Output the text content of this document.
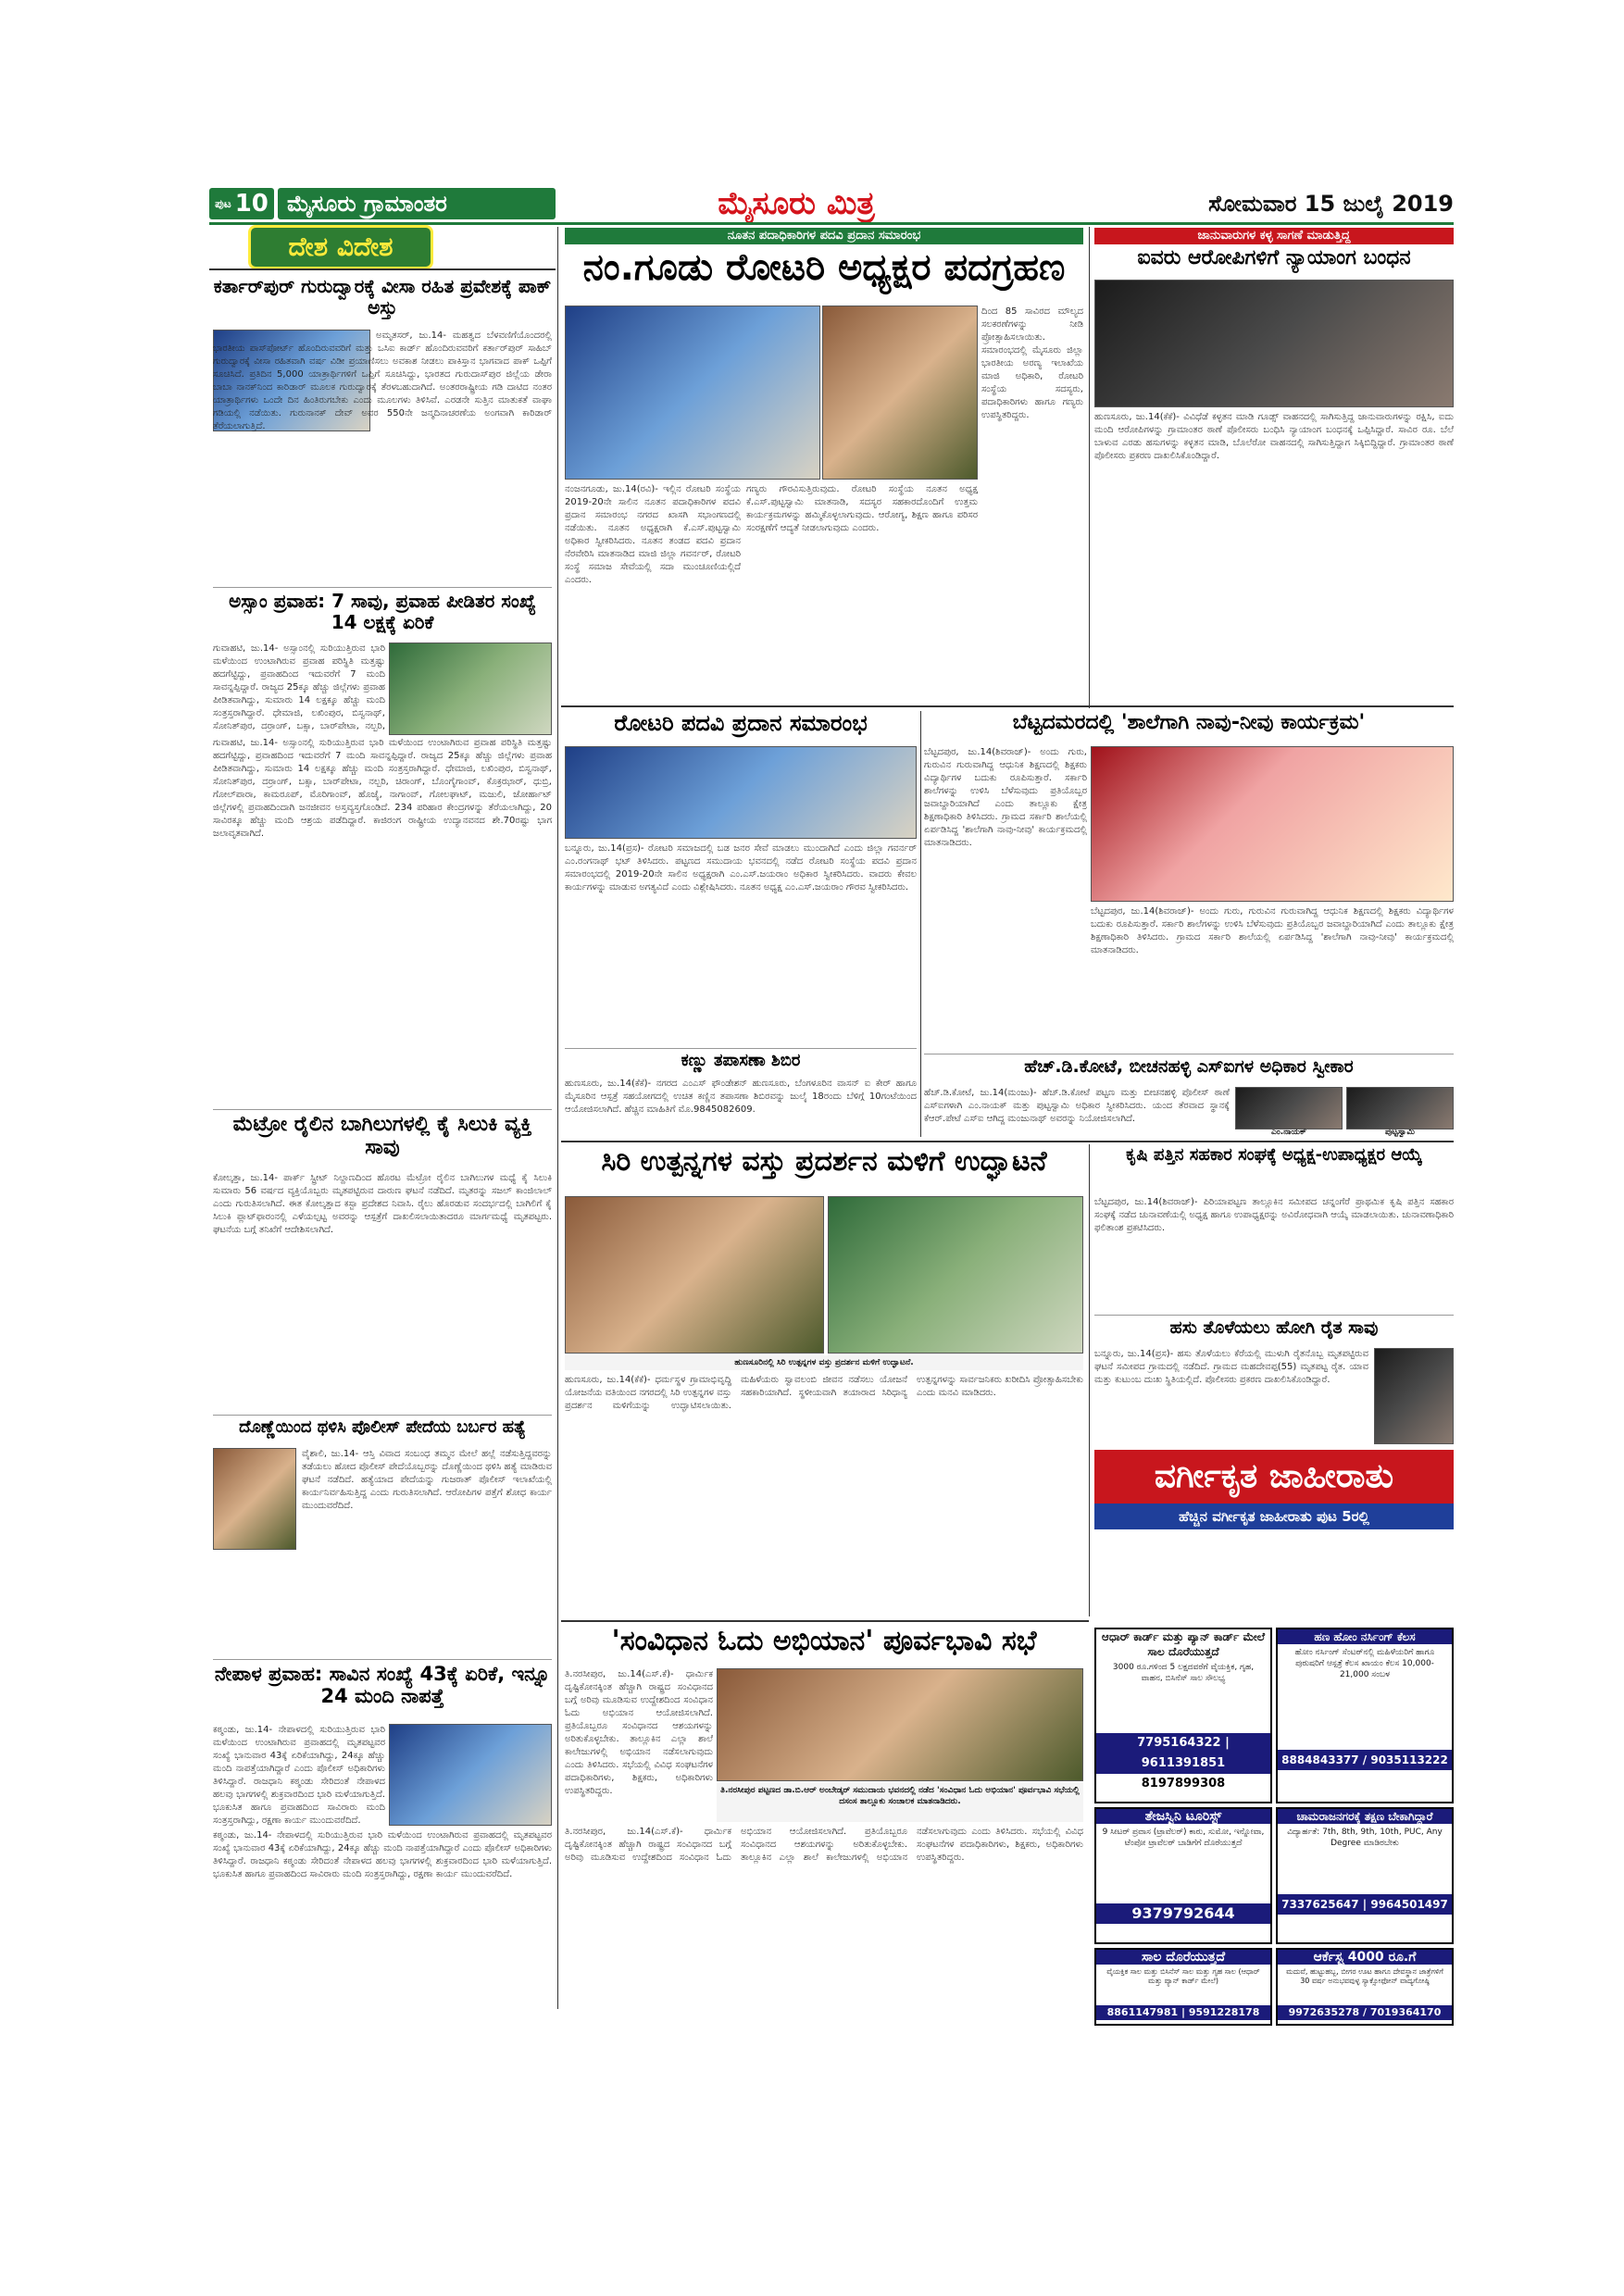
ಪುಟ 10 ಮೈಸೂರು ಗ್ರಾಮಾಂತರ	ಮೈಸೂರು ಮಿತ್ರ	ಸೋಮವಾರ 15 ಜುಲೈ 2019
ದೇಶ ವಿದೇಶ
ಕರ್ತಾರ್‌ಪುರ್ ಗುರುದ್ವಾರಕ್ಕೆ ವೀಸಾ ರಹಿತ ಪ್ರವೇಶಕ್ಕೆ ಪಾಕ್ ಅಸ್ತು
ಅಮೃತಸರ್, ಜು.14- ಮಹತ್ವದ ಬೆಳವಣಿಗೆಯೊಂದರಲ್ಲಿ ಭಾರತೀಯ ಪಾಸ್‌ಪೋರ್ಟ್ ಹೊಂದಿರುವವರಿಗೆ ಮತ್ತು ಒಸಿಐ ಕಾರ್ಡ್ ಹೊಂದಿರುವವರಿಗೆ ಕರ್ತಾರ್‌ಪುರ್ ಸಾಹಿಬ್ ಗುರುದ್ವಾರಕ್ಕೆ ವೀಸಾ ರಹಿತವಾಗಿ ವರ್ಷ ವಿಡೀ ಪ್ರಯಾಣಿಸಲು ಅವಕಾಶ ನೀಡಲು ಪಾಕಿಸ್ತಾನ ಭಾಗವಾದ ಪಾಕ್ ಒಪ್ಪಿಗೆ ಸೂಚಿಸಿದೆ. ಪ್ರತಿದಿನ 5,000 ಯಾತ್ರಾರ್ಥಿಗಳಿಗೆ ಒಪ್ಪಿಗೆ ಸೂಚಿಸಿದ್ದು, ಭಾರತದ ಗುರುದಾಸ್‌ಪುರ ಜಿಲ್ಲೆಯ ಡೇರಾ ಬಾಬಾ ನಾನಕ್‌ನಿಂದ ಕಾರಿಡಾರ್ ಮೂಲಕ ಗುರುದ್ವಾರಕ್ಕೆ ತೆರಳಬಹುದಾಗಿದೆ. ಅಂತರರಾಷ್ಟ್ರೀಯ ಗಡಿ ದಾಟಿದ ನಂತರ ಯಾತ್ರಾರ್ಥಿಗಳು ಒಂದೇ ದಿನ ಹಿಂತಿರುಗಬೇಕು ಎಂದು ಮೂಲಗಳು ತಿಳಿಸಿವೆ. ಎರಡನೇ ಸುತ್ತಿನ ಮಾತುಕತೆ ವಾಘಾ ಗಡಿಯಲ್ಲಿ ನಡೆಯಿತು. ಗುರುನಾನಕ್ ದೇವ್ ಅವರ 550ನೇ ಜನ್ಮದಿನಾಚರಣೆಯ ಅಂಗವಾಗಿ ಕಾರಿಡಾರ್ ತೆರೆಯಲಾಗುತ್ತಿದೆ.
ಅಸ್ಸಾಂ ಪ್ರವಾಹ: 7 ಸಾವು, ಪ್ರವಾಹ ಪೀಡಿತರ ಸಂಖ್ಯೆ 14 ಲಕ್ಷಕ್ಕೆ ಏರಿಕೆ
ಗುವಾಹಟಿ, ಜು.14- ಅಸ್ಸಾಂನಲ್ಲಿ ಸುರಿಯುತ್ತಿರುವ ಭಾರಿ ಮಳೆಯಿಂದ ಉಂಟಾಗಿರುವ ಪ್ರವಾಹ ಪರಿಸ್ಥಿತಿ ಮತ್ತಷ್ಟು ಹದಗೆಟ್ಟಿದ್ದು, ಪ್ರವಾಹದಿಂದ ಇದುವರೆಗೆ 7 ಮಂದಿ ಸಾವನ್ನಪ್ಪಿದ್ದಾರೆ. ರಾಜ್ಯದ 25ಕ್ಕೂ ಹೆಚ್ಚು ಜಿಲ್ಲೆಗಳು ಪ್ರವಾಹ ಪೀಡಿತವಾಗಿದ್ದು, ಸುಮಾರು 14 ಲಕ್ಷಕ್ಕೂ ಹೆಚ್ಚು ಮಂದಿ ಸಂತ್ರಸ್ತರಾಗಿದ್ದಾರೆ. ಧೇಮಾಜಿ, ಲಖಿಂಪುರ, ಬಿಸ್ವನಾಥ್, ಸೋನಿತ್‌ಪುರ, ದರ್ರಾಂಗ್, ಬಕ್ಸಾ, ಬಾರ್‌ಪೇಟಾ, ನಲ್ಬರಿ,
ಗುವಾಹಟಿ, ಜು.14- ಅಸ್ಸಾಂನಲ್ಲಿ ಸುರಿಯುತ್ತಿರುವ ಭಾರಿ ಮಳೆಯಿಂದ ಉಂಟಾಗಿರುವ ಪ್ರವಾಹ ಪರಿಸ್ಥಿತಿ ಮತ್ತಷ್ಟು ಹದಗೆಟ್ಟಿದ್ದು, ಪ್ರವಾಹದಿಂದ ಇದುವರೆಗೆ 7 ಮಂದಿ ಸಾವನ್ನಪ್ಪಿದ್ದಾರೆ. ರಾಜ್ಯದ 25ಕ್ಕೂ ಹೆಚ್ಚು ಜಿಲ್ಲೆಗಳು ಪ್ರವಾಹ ಪೀಡಿತವಾಗಿದ್ದು, ಸುಮಾರು 14 ಲಕ್ಷಕ್ಕೂ ಹೆಚ್ಚು ಮಂದಿ ಸಂತ್ರಸ್ತರಾಗಿದ್ದಾರೆ. ಧೇಮಾಜಿ, ಲಖಿಂಪುರ, ಬಿಸ್ವನಾಥ್, ಸೋನಿತ್‌ಪುರ, ದರ್ರಾಂಗ್, ಬಕ್ಸಾ, ಬಾರ್‌ಪೇಟಾ, ನಲ್ಬರಿ, ಚಿರಾಂಗ್, ಬೊಂಗೈಗಾಂವ್, ಕೊಕ್ರಝಾರ್, ಧುಬ್ರಿ, ಗೋಲ್‌ಪಾರಾ, ಕಾಮರೂಪ್, ಮೊರಿಗಾಂವ್, ಹೊಜೈ, ನಾಗಾಂವ್, ಗೋಲಘಾಟ್, ಮಜುಲಿ, ಜೋರ್ಹಾಟ್ ಜಿಲ್ಲೆಗಳಲ್ಲಿ ಪ್ರವಾಹದಿಂದಾಗಿ ಜನಜೀವನ ಅಸ್ತವ್ಯಸ್ತಗೊಂಡಿದೆ. 234 ಪರಿಹಾರ ಕೇಂದ್ರಗಳನ್ನು ತೆರೆಯಲಾಗಿದ್ದು, 20 ಸಾವಿರಕ್ಕೂ ಹೆಚ್ಚು ಮಂದಿ ಆಶ್ರಯ ಪಡೆದಿದ್ದಾರೆ. ಕಾಜಿರಂಗ ರಾಷ್ಟ್ರೀಯ ಉದ್ಯಾನವನದ ಶೇ.70ರಷ್ಟು ಭಾಗ ಜಲಾವೃತವಾಗಿದೆ.
ಮೆಟ್ರೋ ರೈಲಿನ ಬಾಗಿಲುಗಳಲ್ಲಿ ಕೈ ಸಿಲುಕಿ ವ್ಯಕ್ತಿ ಸಾವು
ಕೋಲ್ಕತ್ತಾ, ಜು.14- ಪಾರ್ಕ್ ಸ್ಟ್ರೀಟ್ ನಿಲ್ದಾಣದಿಂದ ಹೊರಟ ಮೆಟ್ರೋ ರೈಲಿನ ಬಾಗಿಲುಗಳ ಮಧ್ಯೆ ಕೈ ಸಿಲುಕಿ ಸುಮಾರು 56 ವರ್ಷದ ವ್ಯಕ್ತಿಯೊಬ್ಬರು ಮೃತಪಟ್ಟಿರುವ ದಾರುಣ ಘಟನೆ ನಡೆದಿದೆ. ಮೃತರನ್ನು ಸಜಲ್ ಕಾಂಜಿಲಾಲ್ ಎಂದು ಗುರುತಿಸಲಾಗಿದೆ. ಈತ ಕೋಲ್ಕತ್ತಾದ ಕಸ್ಬಾ ಪ್ರದೇಶದ ನಿವಾಸಿ. ರೈಲು ಹೊರಡುವ ಸಂದರ್ಭದಲ್ಲಿ ಬಾಗಿಲಿಗೆ ಕೈ ಸಿಲುಕಿ ಪ್ಲಾಟ್‌ಫಾರಂನಲ್ಲಿ ಎಳೆಯಲ್ಪಟ್ಟ ಅವರನ್ನು ಆಸ್ಪತ್ರೆಗೆ ದಾಖಲಿಸಲಾಯಿತಾದರೂ ಮಾರ್ಗಮಧ್ಯೆ ಮೃತಪಟ್ಟರು. ಘಟನೆಯ ಬಗ್ಗೆ ತನಿಖೆಗೆ ಆದೇಶಿಸಲಾಗಿದೆ.
ದೊಣ್ಣೆಯಿಂದ ಥಳಿಸಿ ಪೊಲೀಸ್ ಪೇದೆಯ ಬರ್ಬರ ಹತ್ಯೆ
ವೈಶಾಲಿ, ಜು.14- ಆಸ್ತಿ ವಿವಾದ ಸಂಬಂಧ ತಮ್ಮನ ಮೇಲೆ ಹಲ್ಲೆ ನಡೆಸುತ್ತಿದ್ದವರನ್ನು ತಡೆಯಲು ಹೋದ ಪೊಲೀಸ್ ಪೇದೆಯೊಬ್ಬರನ್ನು ದೊಣ್ಣೆಯಿಂದ ಥಳಿಸಿ ಹತ್ಯೆ ಮಾಡಿರುವ ಘಟನೆ ನಡೆದಿದೆ. ಹತ್ಯೆಯಾದ ಪೇದೆಯನ್ನು ಗುಜರಾತ್ ಪೊಲೀಸ್ ಇಲಾಖೆಯಲ್ಲಿ ಕಾರ್ಯನಿರ್ವಹಿಸುತ್ತಿದ್ದ ಎಂದು ಗುರುತಿಸಲಾಗಿದೆ. ಆರೋಪಿಗಳ ಪತ್ತೆಗೆ ಶೋಧ ಕಾರ್ಯ ಮುಂದುವರೆದಿದೆ.
ನೇಪಾಳ ಪ್ರವಾಹ: ಸಾವಿನ ಸಂಖ್ಯೆ 43ಕ್ಕೆ ಏರಿಕೆ, ಇನ್ನೂ 24 ಮಂದಿ ನಾಪತ್ತೆ
ಕಠ್ಮಂಡು, ಜು.14- ನೇಪಾಳದಲ್ಲಿ ಸುರಿಯುತ್ತಿರುವ ಭಾರಿ ಮಳೆಯಿಂದ ಉಂಟಾಗಿರುವ ಪ್ರವಾಹದಲ್ಲಿ ಮೃತಪಟ್ಟವರ ಸಂಖ್ಯೆ ಭಾನುವಾರ 43ಕ್ಕೆ ಏರಿಕೆಯಾಗಿದ್ದು, 24ಕ್ಕೂ ಹೆಚ್ಚು ಮಂದಿ ನಾಪತ್ತೆಯಾಗಿದ್ದಾರೆ ಎಂದು ಪೊಲೀಸ್ ಅಧಿಕಾರಿಗಳು ತಿಳಿಸಿದ್ದಾರೆ. ರಾಜಧಾನಿ ಕಠ್ಮಂಡು ಸೇರಿದಂತೆ ನೇಪಾಳದ ಹಲವು ಭಾಗಗಳಲ್ಲಿ ಶುಕ್ರವಾರದಿಂದ ಭಾರಿ ಮಳೆಯಾಗುತ್ತಿದೆ. ಭೂಕುಸಿತ ಹಾಗೂ ಪ್ರವಾಹದಿಂದ ಸಾವಿರಾರು ಮಂದಿ ಸಂತ್ರಸ್ತರಾಗಿದ್ದು, ರಕ್ಷಣಾ ಕಾರ್ಯ ಮುಂದುವರೆದಿದೆ.
ಕಠ್ಮಂಡು, ಜು.14- ನೇಪಾಳದಲ್ಲಿ ಸುರಿಯುತ್ತಿರುವ ಭಾರಿ ಮಳೆಯಿಂದ ಉಂಟಾಗಿರುವ ಪ್ರವಾಹದಲ್ಲಿ ಮೃತಪಟ್ಟವರ ಸಂಖ್ಯೆ ಭಾನುವಾರ 43ಕ್ಕೆ ಏರಿಕೆಯಾಗಿದ್ದು, 24ಕ್ಕೂ ಹೆಚ್ಚು ಮಂದಿ ನಾಪತ್ತೆಯಾಗಿದ್ದಾರೆ ಎಂದು ಪೊಲೀಸ್ ಅಧಿಕಾರಿಗಳು ತಿಳಿಸಿದ್ದಾರೆ. ರಾಜಧಾನಿ ಕಠ್ಮಂಡು ಸೇರಿದಂತೆ ನೇಪಾಳದ ಹಲವು ಭಾಗಗಳಲ್ಲಿ ಶುಕ್ರವಾರದಿಂದ ಭಾರಿ ಮಳೆಯಾಗುತ್ತಿದೆ. ಭೂಕುಸಿತ ಹಾಗೂ ಪ್ರವಾಹದಿಂದ ಸಾವಿರಾರು ಮಂದಿ ಸಂತ್ರಸ್ತರಾಗಿದ್ದು, ರಕ್ಷಣಾ ಕಾರ್ಯ ಮುಂದುವರೆದಿದೆ.
ನೂತನ ಪದಾಧಿಕಾರಿಗಳ ಪದವಿ ಪ್ರದಾನ ಸಮಾರಂಭ
ನಂ.ಗೂಡು ರೋಟರಿ ಅಧ್ಯಕ್ಷರ ಪದಗ್ರಹಣ
ದಿಂದ 85 ಸಾವಿರದ ಮೌಲ್ಯದ ಸಲಕರಣೆಗಳನ್ನು ನೀಡಿ ಪ್ರೋತ್ಸಾಹಿಸಲಾಯಿತು. ಸಮಾರಂಭದಲ್ಲಿ ಮೈಸೂರು ಜಿಲ್ಲಾ ಭಾರತೀಯ ಅರಣ್ಯ ಇಲಾಖೆಯ ಮಾಜಿ ಅಧಿಕಾರಿ, ರೋಟರಿ ಸಂಸ್ಥೆಯ ಸದಸ್ಯರು, ಪದಾಧಿಕಾರಿಗಳು ಹಾಗೂ ಗಣ್ಯರು ಉಪಸ್ಥಿತರಿದ್ದರು.
ನಂಜನಗೂಡು, ಜು.14(ರವಿ)- ಇಲ್ಲಿನ ರೋಟರಿ ಸಂಸ್ಥೆಯ 2019-20ನೇ ಸಾಲಿನ ನೂತನ ಪದಾಧಿಕಾರಿಗಳ ಪದವಿ ಪ್ರದಾನ ಸಮಾರಂಭ ನಗರದ ಖಾಸಗಿ ಸಭಾಂಗಣದಲ್ಲಿ ನಡೆಯಿತು. ನೂತನ ಅಧ್ಯಕ್ಷರಾಗಿ ಕೆ.ಎಸ್.ಪುಟ್ಟಸ್ವಾಮಿ ಅಧಿಕಾರ ಸ್ವೀಕರಿಸಿದರು. ನೂತನ ತಂಡದ ಪದವಿ ಪ್ರದಾನ ನೆರವೇರಿಸಿ ಮಾತನಾಡಿದ ಮಾಜಿ ಜಿಲ್ಲಾ ಗವರ್ನರ್, ರೋಟರಿ ಸಂಸ್ಥೆ ಸಮಾಜ ಸೇವೆಯಲ್ಲಿ ಸದಾ ಮುಂಚೂಣಿಯಲ್ಲಿದೆ ಎಂದರು.
ಗಣ್ಯರು ಗೌರವಿಸುತ್ತಿರುವುದು. ರೋಟರಿ ಸಂಸ್ಥೆಯ ನೂತನ ಅಧ್ಯಕ್ಷ ಕೆ.ಎಸ್.ಪುಟ್ಟಸ್ವಾಮಿ ಮಾತನಾಡಿ, ಸದಸ್ಯರ ಸಹಕಾರದೊಂದಿಗೆ ಉತ್ತಮ ಕಾರ್ಯಕ್ರಮಗಳನ್ನು ಹಮ್ಮಿಕೊಳ್ಳಲಾಗುವುದು. ಆರೋಗ್ಯ, ಶಿಕ್ಷಣ ಹಾಗೂ ಪರಿಸರ ಸಂರಕ್ಷಣೆಗೆ ಆದ್ಯತೆ ನೀಡಲಾಗುವುದು ಎಂದರು.
ಜಾನುವಾರುಗಳ ಕಳ್ಳ ಸಾಗಣೆ ಮಾಡುತ್ತಿದ್ದ
ಐವರು ಆರೋಪಿಗಳಿಗೆ ನ್ಯಾಯಾಂಗ ಬಂಧನ
ಹುಣಸೂರು, ಜು.14(ಕೆಕೆ)- ವಿವಿಧೆಡೆ ಕಳ್ಳತನ ಮಾಡಿ ಗೂಡ್ಸ್ ವಾಹನದಲ್ಲಿ ಸಾಗಿಸುತ್ತಿದ್ದ ಜಾನುವಾರುಗಳನ್ನು ರಕ್ಷಿಸಿ, ಐದು ಮಂದಿ ಆರೋಪಿಗಳನ್ನು ಗ್ರಾಮಾಂತರ ಠಾಣೆ ಪೊಲೀಸರು ಬಂಧಿಸಿ ನ್ಯಾಯಾಂಗ ಬಂಧನಕ್ಕೆ ಒಪ್ಪಿಸಿದ್ದಾರೆ. ಸಾವಿರ ರೂ. ಬೆಲೆ ಬಾಳುವ ಎರಡು ಹಸುಗಳನ್ನು ಕಳ್ಳತನ ಮಾಡಿ, ಬೊಲೆರೋ ವಾಹನದಲ್ಲಿ ಸಾಗಿಸುತ್ತಿದ್ದಾಗ ಸಿಕ್ಕಿಬಿದ್ದಿದ್ದಾರೆ. ಗ್ರಾಮಾಂತರ ಠಾಣೆ ಪೊಲೀಸರು ಪ್ರಕರಣ ದಾಖಲಿಸಿಕೊಂಡಿದ್ದಾರೆ.
ರೋಟರಿ ಪದವಿ ಪ್ರದಾನ ಸಮಾರಂಭ
ಬನ್ನೂರು, ಜು.14(ಪ್ರಸ)- ರೋಟರಿ ಸಮಾಜದಲ್ಲಿ ಬಡ ಜನರ ಸೇವೆ ಮಾಡಲು ಮುಂದಾಗಿದೆ ಎಂದು ಜಿಲ್ಲಾ ಗವರ್ನರ್ ಎಂ.ರಂಗನಾಥ್ ಭಟ್ ತಿಳಿಸಿದರು. ಪಟ್ಟಣದ ಸಮುದಾಯ ಭವನದಲ್ಲಿ ನಡೆದ ರೋಟರಿ ಸಂಸ್ಥೆಯ ಪದವಿ ಪ್ರದಾನ ಸಮಾರಂಭದಲ್ಲಿ 2019-20ನೇ ಸಾಲಿನ ಅಧ್ಯಕ್ಷರಾಗಿ ಎಂ.ಎಸ್.ಜಯರಾಂ ಅಧಿಕಾರ ಸ್ವೀಕರಿಸಿದರು. ವಾದರು ಕೇವಲ ಕಾರ್ಯಗಳನ್ನು ಮಾಡುವ ಅಗತ್ಯವಿದೆ ಎಂದು ವಿಶ್ಲೇಷಿಸಿದರು. ನೂತನ ಅಧ್ಯಕ್ಷ ಎಂ.ಎಸ್.ಜಯರಾಂ ಗೌರವ ಸ್ವೀಕರಿಸಿದರು.
ಕಣ್ಣು ತಪಾಸಣಾ ಶಿಬಿರ
ಹುಣಸೂರು, ಜು.14(ಕೆಕೆ)- ನಗರದ ಎಂಎಸ್ ಫೌಂಡೇಶನ್ ಹುಣಸೂರು, ಬೆಂಗಳೂರಿನ ವಾಸನ್ ಐ ಕೇರ್ ಹಾಗೂ ಮೈಸೂರಿನ ಆಸ್ಪತ್ರೆ ಸಹಯೋಗದಲ್ಲಿ ಉಚಿತ ಕಣ್ಣಿನ ತಪಾಸಣಾ ಶಿಬಿರವನ್ನು ಜುಲೈ 18ರಂದು ಬೆಳಿಗ್ಗೆ 10ಗಂಟೆಯಿಂದ ಆಯೋಜಿಸಲಾಗಿದೆ. ಹೆಚ್ಚಿನ ಮಾಹಿತಿಗೆ ಮೊ.9845082609.
ಬೆಟ್ಟದಮರದಲ್ಲಿ 'ಶಾಲೆಗಾಗಿ ನಾವು-ನೀವು ಕಾರ್ಯಕ್ರಮ'
ಬೆಟ್ಟದಪುರ, ಜು.14(ಶಿವರಾಜ್)- ಅಂದು ಗುರು, ಗುರುವಿನ ಗುರುವಾಗಿದ್ದ ಆಧುನಿಕ ಶಿಕ್ಷಣದಲ್ಲಿ ಶಿಕ್ಷಕರು ವಿದ್ಯಾರ್ಥಿಗಳ ಬದುಕು ರೂಪಿಸುತ್ತಾರೆ. ಸರ್ಕಾರಿ ಶಾಲೆಗಳನ್ನು ಉಳಿಸಿ ಬೆಳೆಸುವುದು ಪ್ರತಿಯೊಬ್ಬರ ಜವಾಬ್ದಾರಿಯಾಗಿದೆ ಎಂದು ತಾಲ್ಲೂಕು ಕ್ಷೇತ್ರ ಶಿಕ್ಷಣಾಧಿಕಾರಿ ತಿಳಿಸಿದರು. ಗ್ರಾಮದ ಸರ್ಕಾರಿ ಶಾಲೆಯಲ್ಲಿ ಏರ್ಪಡಿಸಿದ್ದ 'ಶಾಲೆಗಾಗಿ ನಾವು-ನೀವು' ಕಾರ್ಯಕ್ರಮದಲ್ಲಿ ಮಾತನಾಡಿದರು.
ಬೆಟ್ಟದಪುರ, ಜು.14(ಶಿವರಾಜ್)- ಅಂದು ಗುರು, ಗುರುವಿನ ಗುರುವಾಗಿದ್ದ ಆಧುನಿಕ ಶಿಕ್ಷಣದಲ್ಲಿ ಶಿಕ್ಷಕರು ವಿದ್ಯಾರ್ಥಿಗಳ ಬದುಕು ರೂಪಿಸುತ್ತಾರೆ. ಸರ್ಕಾರಿ ಶಾಲೆಗಳನ್ನು ಉಳಿಸಿ ಬೆಳೆಸುವುದು ಪ್ರತಿಯೊಬ್ಬರ ಜವಾಬ್ದಾರಿಯಾಗಿದೆ ಎಂದು ತಾಲ್ಲೂಕು ಕ್ಷೇತ್ರ ಶಿಕ್ಷಣಾಧಿಕಾರಿ ತಿಳಿಸಿದರು. ಗ್ರಾಮದ ಸರ್ಕಾರಿ ಶಾಲೆಯಲ್ಲಿ ಏರ್ಪಡಿಸಿದ್ದ 'ಶಾಲೆಗಾಗಿ ನಾವು-ನೀವು' ಕಾರ್ಯಕ್ರಮದಲ್ಲಿ ಮಾತನಾಡಿದರು.
ಹೆಚ್.ಡಿ.ಕೋಟೆ, ಬೀಚನಹಳ್ಳಿ ಎಸ್‌ಐಗಳ ಅಧಿಕಾರ ಸ್ವೀಕಾರ
ಹೆಚ್.ಡಿ.ಕೋಟೆ, ಜು.14(ಮಂಜು)- ಹೆಚ್.ಡಿ.ಕೋಟೆ ಪಟ್ಟಣ ಮತ್ತು ಬೀಚನಹಳ್ಳಿ ಪೊಲೀಸ್ ಠಾಣೆ ಎಸ್‌ಐಗಳಾಗಿ ಎಂ.ನಾಯಕ್ ಮತ್ತು ಪುಟ್ಟಸ್ವಾಮಿ ಅಧಿಕಾರ ಸ್ವೀಕರಿಸಿದರು. ಯಂದ ತೆರವಾದ ಸ್ಥಾನಕ್ಕೆ ಕೆಆರ್.ಪೇಟೆ ಎಸ್‌ಐ ಆಗಿದ್ದ ಮಂಜುನಾಥ್ ಅವರನ್ನು ನಿಯೋಜಿಸಲಾಗಿದೆ.
ಎಂ.ನಾಯಕ್	ಪುಟ್ಟಸ್ವಾಮಿ
ಸಿರಿ ಉತ್ಪನ್ನಗಳ ವಸ್ತು ಪ್ರದರ್ಶನ ಮಳಿಗೆ ಉದ್ಘಾಟನೆ
ಹುಣಸೂರಿನಲ್ಲಿ ಸಿರಿ ಉತ್ಪನ್ನಗಳ ವಸ್ತು ಪ್ರದರ್ಶನ ಮಳಿಗೆ ಉದ್ಘಾಟನೆ.
ಹುಣಸೂರು, ಜು.14(ಕೆಕೆ)- ಧರ್ಮಸ್ಥಳ ಗ್ರಾಮಾಭಿವೃದ್ಧಿ ಯೋಜನೆಯ ವತಿಯಿಂದ ನಗರದಲ್ಲಿ ಸಿರಿ ಉತ್ಪನ್ನಗಳ ವಸ್ತು ಪ್ರದರ್ಶನ ಮಳಿಗೆಯನ್ನು ಉದ್ಘಾಟಿಸಲಾಯಿತು. ಮಹಿಳೆಯರು ಸ್ವಾವಲಂಬಿ ಜೀವನ ನಡೆಸಲು ಯೋಜನೆ ಸಹಕಾರಿಯಾಗಿದೆ. ಸ್ಥಳೀಯವಾಗಿ ತಯಾರಾದ ಸಿರಿಧಾನ್ಯ ಉತ್ಪನ್ನಗಳನ್ನು ಸಾರ್ವಜನಿಕರು ಖರೀದಿಸಿ ಪ್ರೋತ್ಸಾಹಿಸಬೇಕು ಎಂದು ಮನವಿ ಮಾಡಿದರು.
ಕೃಷಿ ಪತ್ತಿನ ಸಹಕಾರ ಸಂಘಕ್ಕೆ ಅಧ್ಯಕ್ಷ-ಉಪಾಧ್ಯಕ್ಷರ ಆಯ್ಕೆ
ಬೆಟ್ಟದಪುರ, ಜು.14(ಶಿವರಾಜ್)- ಪಿರಿಯಾಪಟ್ಟಣ ತಾಲ್ಲೂಕಿನ ಸಮೀಪದ ಚನ್ನಂಗೆರೆ ಪ್ರಾಥಮಿಕ ಕೃಷಿ ಪತ್ತಿನ ಸಹಕಾರ ಸಂಘಕ್ಕೆ ನಡೆದ ಚುನಾವಣೆಯಲ್ಲಿ ಅಧ್ಯಕ್ಷ ಹಾಗೂ ಉಪಾಧ್ಯಕ್ಷರನ್ನು ಅವಿರೋಧವಾಗಿ ಆಯ್ಕೆ ಮಾಡಲಾಯಿತು. ಚುನಾವಣಾಧಿಕಾರಿ ಫಲಿತಾಂಶ ಪ್ರಕಟಿಸಿದರು.
ಹಸು ತೊಳೆಯಲು ಹೋಗಿ ರೈತ ಸಾವು
ಬನ್ನೂರು, ಜು.14(ಪ್ರಸ)- ಹಸು ತೊಳೆಯಲು ಕೆರೆಯಲ್ಲಿ ಮುಳುಗಿ ರೈತನೊಬ್ಬ ಮೃತಪಟ್ಟಿರುವ ಘಟನೆ ಸಮೀಪದ ಗ್ರಾಮದಲ್ಲಿ ನಡೆದಿದೆ. ಗ್ರಾಮದ ಮಹದೇವಪ್ಪ(55) ಮೃತಪಟ್ಟ ರೈತ. ಯಾವ ಮತ್ತು ಕುಟುಂಬ ದುಃಖ ಸ್ಥಿತಿಯಲ್ಲಿದೆ. ಪೊಲೀಸರು ಪ್ರಕರಣ ದಾಖಲಿಸಿಕೊಂಡಿದ್ದಾರೆ.
ವರ್ಗೀಕೃತ ಜಾಹೀರಾತು
ಹೆಚ್ಚಿನ ವರ್ಗೀಕೃತ ಜಾಹೀರಾತು ಪುಟ 5ರಲ್ಲಿ
'ಸಂವಿಧಾನ ಓದು ಅಭಿಯಾನ' ಪೂರ್ವಭಾವಿ ಸಭೆ
ತಿ.ನರಸೀಪುರ, ಜು.14(ಎಸ್.ಕೆ)- ಧಾರ್ಮಿಕ ದೃಷ್ಟಿಕೋನಕ್ಕಿಂತ ಹೆಚ್ಚಾಗಿ ರಾಷ್ಟ್ರದ ಸಂವಿಧಾನದ ಬಗ್ಗೆ ಅರಿವು ಮೂಡಿಸುವ ಉದ್ದೇಶದಿಂದ ಸಂವಿಧಾನ ಓದು ಅಭಿಯಾನ ಆಯೋಜಿಸಲಾಗಿದೆ. ಪ್ರತಿಯೊಬ್ಬರೂ ಸಂವಿಧಾನದ ಆಶಯಗಳನ್ನು ಅರಿತುಕೊಳ್ಳಬೇಕು. ತಾಲ್ಲೂಕಿನ ಎಲ್ಲಾ ಶಾಲೆ ಕಾಲೇಜುಗಳಲ್ಲಿ ಅಭಿಯಾನ ನಡೆಸಲಾಗುವುದು ಎಂದು ತಿಳಿಸಿದರು. ಸಭೆಯಲ್ಲಿ ವಿವಿಧ ಸಂಘಟನೆಗಳ ಪದಾಧಿಕಾರಿಗಳು, ಶಿಕ್ಷಕರು, ಅಧಿಕಾರಿಗಳು ಉಪಸ್ಥಿತರಿದ್ದರು.	ತಿ.ನರಸೀಪುರ ಪಟ್ಟಣದ ಡಾ.ಬಿ.ಆರ್ ಅಂಬೇಡ್ಕರ್ ಸಮುದಾಯ ಭವನದಲ್ಲಿ ನಡೆದ 'ಸಂವಿಧಾನ ಓದು ಅಭಿಯಾನ' ಪೂರ್ವಭಾವಿ ಸಭೆಯಲ್ಲಿ ದಸಂಸ ತಾಲ್ಲೂಕು ಸಂಚಾಲಕ ಮಾತನಾಡಿದರು.
ತಿ.ನರಸೀಪುರ, ಜು.14(ಎಸ್.ಕೆ)- ಧಾರ್ಮಿಕ ದೃಷ್ಟಿಕೋನಕ್ಕಿಂತ ಹೆಚ್ಚಾಗಿ ರಾಷ್ಟ್ರದ ಸಂವಿಧಾನದ ಬಗ್ಗೆ ಅರಿವು ಮೂಡಿಸುವ ಉದ್ದೇಶದಿಂದ ಸಂವಿಧಾನ ಓದು ಅಭಿಯಾನ ಆಯೋಜಿಸಲಾಗಿದೆ. ಪ್ರತಿಯೊಬ್ಬರೂ ಸಂವಿಧಾನದ ಆಶಯಗಳನ್ನು ಅರಿತುಕೊಳ್ಳಬೇಕು. ತಾಲ್ಲೂಕಿನ ಎಲ್ಲಾ ಶಾಲೆ ಕಾಲೇಜುಗಳಲ್ಲಿ ಅಭಿಯಾನ ನಡೆಸಲಾಗುವುದು ಎಂದು ತಿಳಿಸಿದರು. ಸಭೆಯಲ್ಲಿ ವಿವಿಧ ಸಂಘಟನೆಗಳ ಪದಾಧಿಕಾರಿಗಳು, ಶಿಕ್ಷಕರು, ಅಧಿಕಾರಿಗಳು ಉಪಸ್ಥಿತರಿದ್ದರು.
ಆಧಾರ್ ಕಾರ್ಡ್ ಮತ್ತು ಪ್ಯಾನ್ ಕಾರ್ಡ್ ಮೇಲೆ ಸಾಲ ದೊರೆಯುತ್ತದೆ
3000 ರೂ.ಗಳಿಂದ 5 ಲಕ್ಷದವರೆಗೆ ವೈಯಕ್ತಿಕ, ಗೃಹ, ವಾಹನ, ಬಿಸಿನೆಸ್ ಸಾಲ ಸೌಲಭ್ಯ
7795164322 | 9611391851
8197899308
ಹಣ ಹೋಂ ನರ್ಸಿಂಗ್ ಕೆಲಸ
ಹೋಂ ನರ್ಸಿಂಗ್ ಸೆಂಟರ್‌ನಲ್ಲಿ ಮಹಿಳೆಯರಿಗೆ ಹಾಗೂ ಪುರುಷರಿಗೆ ಆಸ್ಪತ್ರೆ ಕೆಲಸ ಖಾಯಂ ಕೆಲಸ 10,000-21,000 ಸಂಬಳ
8884843377 / 9035113222
ತೇಜಸ್ವಿನಿ ಟೂರಿಸ್ಟ್
9 ಸೀಟರ್ ಪ್ರವಾಸ (ಟ್ರಾವೆಲರ್) ಕಾರು, ಸುಮೋ, ಇನ್ನೋವಾ, ಟೆಂಪೋ ಟ್ರಾವೆಲರ್ ಬಾಡಿಗೆಗೆ ದೊರೆಯುತ್ತದೆ
9379792644
ಚಾಮರಾಜನಗರಕ್ಕೆ ತಕ್ಷಣ ಬೇಕಾಗಿದ್ದಾರೆ
ವಿದ್ಯಾರ್ಹತೆ: 7th, 8th, 9th, 10th, PUC, Any Degree ಮಾಡಿರಬೇಕು
7337625647 | 9964501497
ಸಾಲ ದೊರೆಯುತ್ತದೆ
ವೈಯಕ್ತಿಕ ಸಾಲ ಮತ್ತು ಬಿಸಿನೆಸ್ ಸಾಲ ಮತ್ತು ಗೃಹ ಸಾಲ (ಆಧಾರ್ ಮತ್ತು ಪ್ಯಾನ್ ಕಾರ್ಡ್ ಮೇಲೆ)
8861147981 | 9591228178
ಆರ್ಕೆಸ್ಟ್ರ 4000 ರೂ.ಗೆ
ಮದುವೆ, ಹುಟ್ಟುಹಬ್ಬ, ಬೀಗರ ಊಟ ಹಾಗೂ ದೇವಸ್ಥಾನ ಜಾತ್ರೆಗಳಿಗೆ 30 ವರ್ಷ ಅನುಭವವುಳ್ಳ ಸ್ಯಾಕ್ಸೋಫೋನ್ ವಾದ್ಯಗೋಷ್ಠಿ
9972635278 / 7019364170
